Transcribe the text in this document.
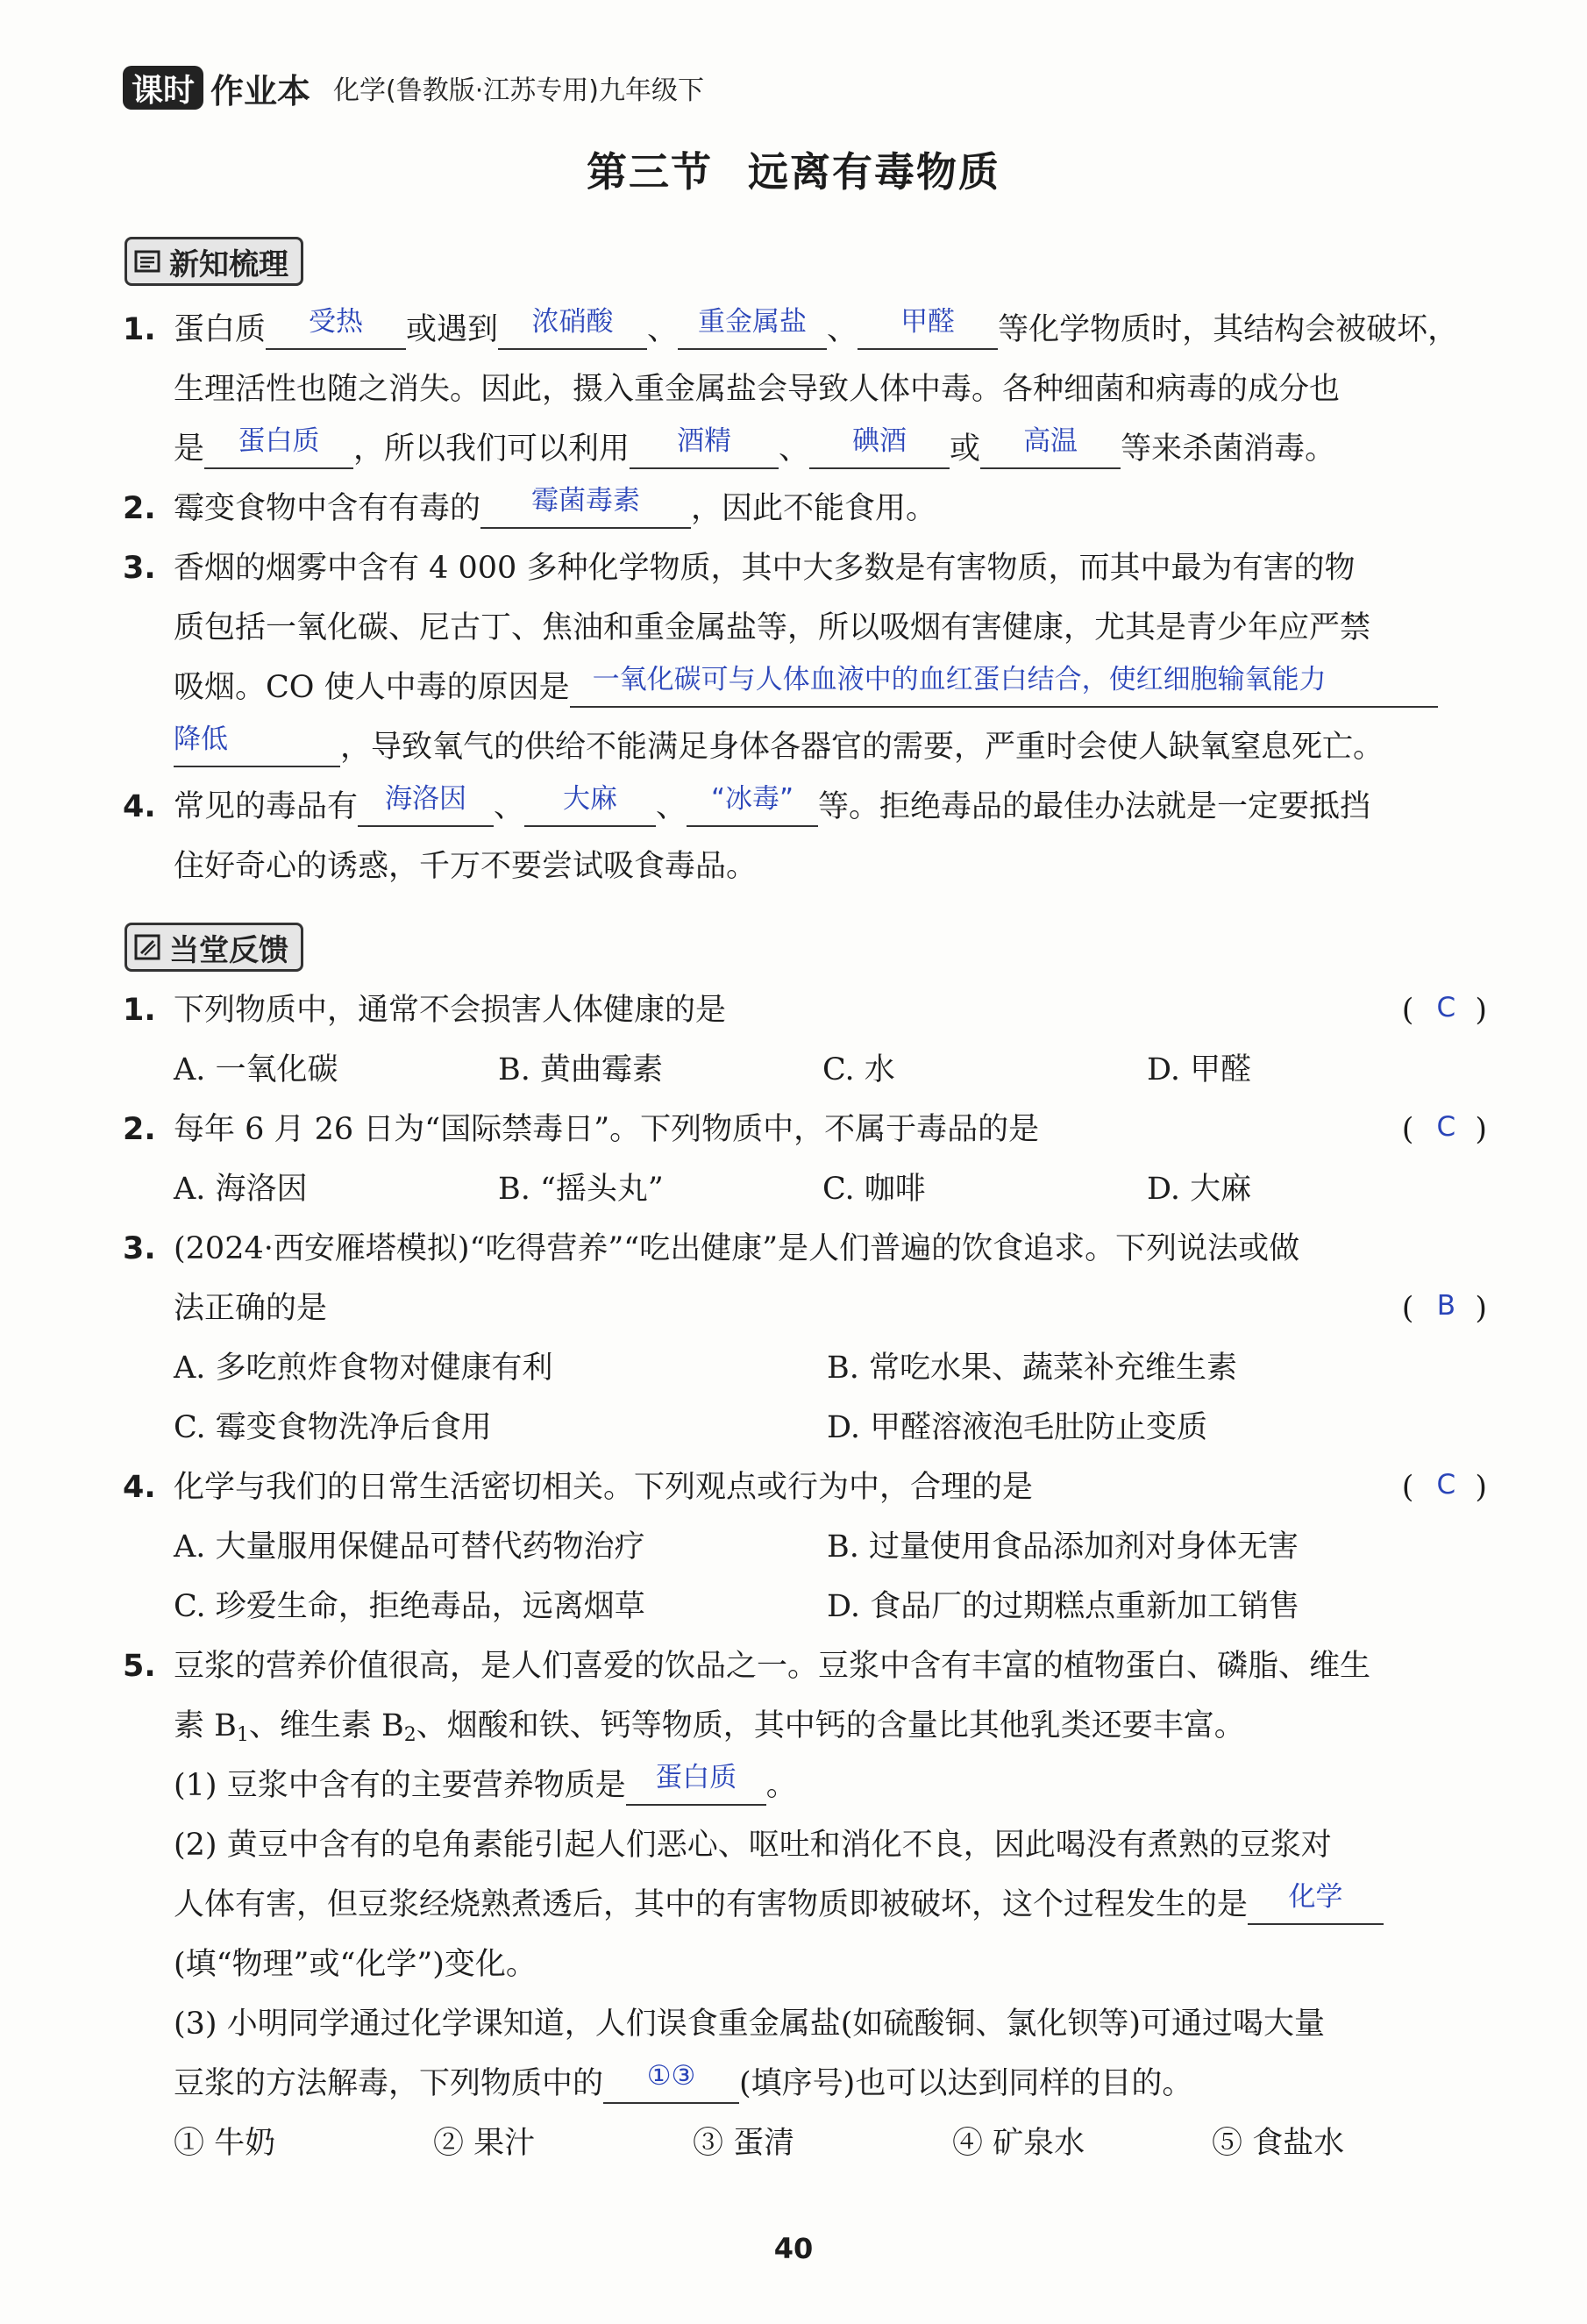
课时 作业本 化学(鲁教版·江苏专用)九年级下
第三节 远离有毒物质
新知梳理
1. 蛋白质 受热 或遇到 浓硝酸 、 重金属盐 、 甲醛 等化学物质时，其结构会被破坏，
生理活性也随之消失。因此，摄入重金属盐会导致人体中毒。各种细菌和病毒的成分也
是 蛋白质 ，所以我们可以利用 酒精 、 碘酒 或 高温 等来杀菌消毒。
2. 霉变食物中含有有毒的 霉菌毒素 ，因此不能食用。
3. 香烟的烟雾中含有 4 000 多种化学物质，其中大多数是有害物质，而其中最为有害的物
质包括一氧化碳、尼古丁、焦油和重金属盐等，所以吸烟有害健康，尤其是青少年应严禁
吸烟。CO 使人中毒的原因是 一氧化碳可与人体血液中的血红蛋白结合，使红细胞输氧能力
降低	，导致氧气的供给不能满足身体各器官的需要，严重时会使人缺氧窒息死亡。
4. 常见的毒品有 海洛因 、 大麻 、 “冰毒” 等。拒绝毒品的最佳办法就是一定要抵挡
住好奇心的诱惑，千万不要尝试吸食毒品。
当堂反馈
1. 下列物质中，通常不会损害人体健康的是	( C )
A. 一氧化碳	B. 黄曲霉素	C. 水	D. 甲醛
2. 每年 6 月 26 日为“国际禁毒日”。下列物质中，不属于毒品的是	( C )
A. 海洛因	B. “摇头丸”	C. 咖啡	D. 大麻
3. (2024·西安雁塔模拟)“吃得营养”“吃出健康”是人们普遍的饮食追求。下列说法或做
法正确的是	( B )
A. 多吃煎炸食物对健康有利	B. 常吃水果、蔬菜补充维生素
C. 霉变食物洗净后食用	D. 甲醛溶液泡毛肚防止变质
4. 化学与我们的日常生活密切相关。下列观点或行为中，合理的是	( C )
A. 大量服用保健品可替代药物治疗	B. 过量使用食品添加剂对身体无害
C. 珍爱生命，拒绝毒品，远离烟草	D. 食品厂的过期糕点重新加工销售
5. 豆浆的营养价值很高，是人们喜爱的饮品之一。豆浆中含有丰富的植物蛋白、磷脂、维生
素 $B_1$、维生素 $B_2$、烟酸和铁、钙等物质，其中钙的含量比其他乳类还要丰富。
(1) 豆浆中含有的主要营养物质是 蛋白质 。
(2) 黄豆中含有的皂角素能引起人们恶心、呕吐和消化不良，因此喝没有煮熟的豆浆对
人体有害，但豆浆经烧熟煮透后，其中的有害物质即被破坏，这个过程发生的是 化学
(填“物理”或“化学”)变化。
(3) 小明同学通过化学课知道，人们误食重金属盐(如硫酸铜、氯化钡等)可通过喝大量
豆浆的方法解毒，下列物质中的 ①③ (填序号)也可以达到同样的目的。
① 牛奶	② 果汁	③ 蛋清	④ 矿泉水	⑤ 食盐水
40
